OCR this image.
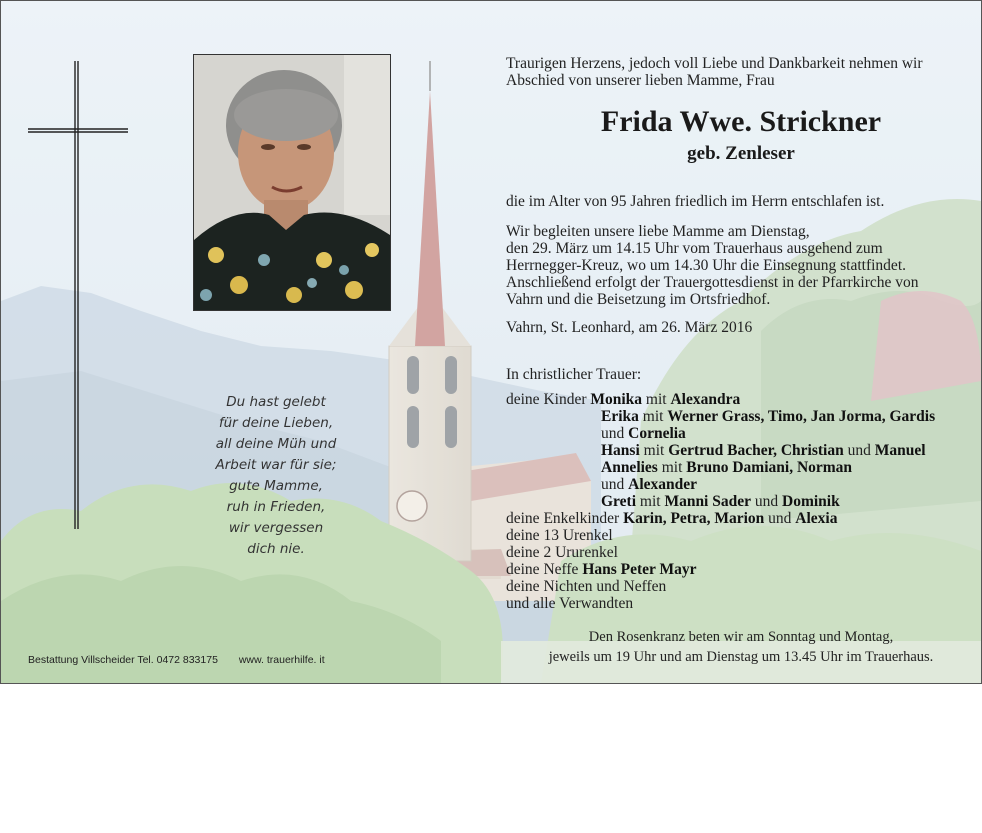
Du hast gelebt
für deine Lieben,
all deine Müh und
Arbeit war für sie;
gute Mamme,
ruh in Frieden,
wir vergessen
dich nie.
Traurigen Herzens, jedoch voll Liebe und Dankbarkeit nehmen wir
Abschied von unserer lieben Mamme, Frau
Frida Wwe. Strickner
geb. Zenleser
die im Alter von 95 Jahren friedlich im Herrn entschlafen ist.
Wir begleiten unsere liebe Mamme am Dienstag,
den 29. März um 14.15 Uhr vom Trauerhaus ausgehend zum
Herrnegger-Kreuz, wo um 14.30 Uhr die Einsegnung stattfindet.
Anschließend erfolgt der Trauergottesdienst in der Pfarrkirche von
Vahrn und die Beisetzung im Ortsfriedhof.
Vahrn, St. Leonhard, am 26. März 2016
In christlicher Trauer:
deine Kinder Monika mit Alexandra
Erika mit Werner Grass, Timo, Jan Jorma, Gardis
und Cornelia
Hansi mit Gertrud Bacher, Christian und Manuel
Annelies mit Bruno Damiani, Norman
und Alexander
Greti mit Manni Sader und Dominik
deine Enkelkinder Karin, Petra, Marion und Alexia
deine 13 Urenkel
deine 2 Ururenkel
deine Neffe Hans Peter Mayr
deine Nichten und Neffen
und alle Verwandten
Den Rosenkranz beten wir am Sonntag und Montag,
jeweils um 19 Uhr und am Dienstag um 13.45 Uhr im Trauerhaus.
Bestattung Villscheider Tel. 0472 833175 www. trauerhilfe. it
